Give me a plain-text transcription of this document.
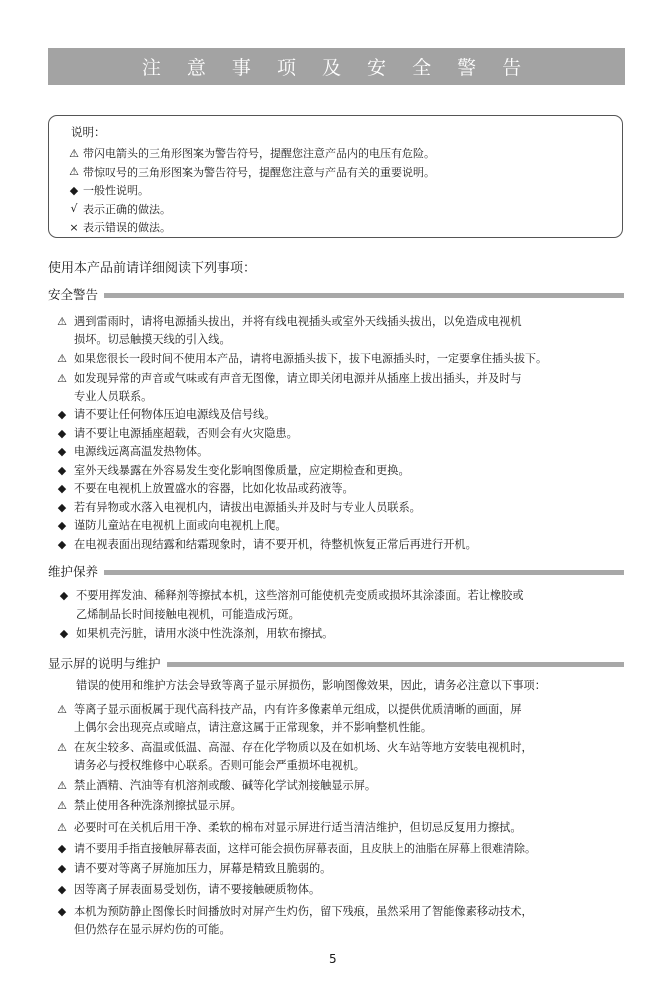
注 意 事 项 及 安 全 警 告
说明：
⚠ 带闪电箭头的三角形图案为警告符号，提醒您注意产品内的电压有危险。
⚠ 带惊叹号的三角形图案为警告符号，提醒您注意与产品有关的重要说明。
◆ 一般性说明。
√ 表示正确的做法。
× 表示错误的做法。
使用本产品前请详细阅读下列事项：
安全警告
⚠ 遇到雷雨时，请将电源插头拔出，并将有线电视插头或室外天线插头拔出，以免造成电视机
损坏。切忌触摸天线的引入线。
⚠ 如果您很长一段时间不使用本产品，请将电源插头拔下，拔下电源插头时，一定要拿住插头拔下。
⚠ 如发现异常的声音或气味或有声音无图像，请立即关闭电源并从插座上拔出插头，并及时与
专业人员联系。
◆ 请不要让任何物体压迫电源线及信号线。
◆ 请不要让电源插座超载，否则会有火灾隐患。
◆ 电源线远离高温发热物体。
◆ 室外天线暴露在外容易发生变化影响图像质量，应定期检查和更换。
◆ 不要在电视机上放置盛水的容器，比如化妆品或药液等。
◆ 若有异物或水落入电视机内，请拔出电源插头并及时与专业人员联系。
◆ 谨防儿童站在电视机上面或向电视机上爬。
◆ 在电视表面出现结露和结霜现象时，请不要开机，待整机恢复正常后再进行开机。
维护保养
◆ 不要用挥发油、稀释剂等擦拭本机，这些溶剂可能使机壳变质或损坏其涂漆面。若让橡胶或
乙烯制品长时间接触电视机，可能造成污斑。
◆ 如果机壳污脏，请用水淡中性洗涤剂，用软布擦拭。
显示屏的说明与维护
错误的使用和维护方法会导致等离子显示屏损伤，影响图像效果，因此，请务必注意以下事项：
⚠ 等离子显示面板属于现代高科技产品，内有许多像素单元组成，以提供优质清晰的画面，屏
上偶尔会出现亮点或暗点，请注意这属于正常现象，并不影响整机性能。
⚠ 在灰尘较多、高温或低温、高湿、存在化学物质以及在如机场、火车站等地方安装电视机时，
请务必与授权维修中心联系。否则可能会严重损坏电视机。
⚠ 禁止酒精、汽油等有机溶剂或酸、碱等化学试剂接触显示屏。
⚠ 禁止使用各种洗涤剂擦拭显示屏。
⚠ 必要时可在关机后用干净、柔软的棉布对显示屏进行适当清洁维护，但切忌反复用力擦拭。
◆ 请不要用手指直接触屏幕表面，这样可能会损伤屏幕表面，且皮肤上的油脂在屏幕上很难清除。
◆ 请不要对等离子屏施加压力，屏幕是精致且脆弱的。
◆ 因等离子屏表面易受划伤，请不要接触硬质物体。
◆ 本机为预防静止图像长时间播放时对屏产生灼伤，留下残痕，虽然采用了智能像素移动技术，
但仍然存在显示屏灼伤的可能。
5
